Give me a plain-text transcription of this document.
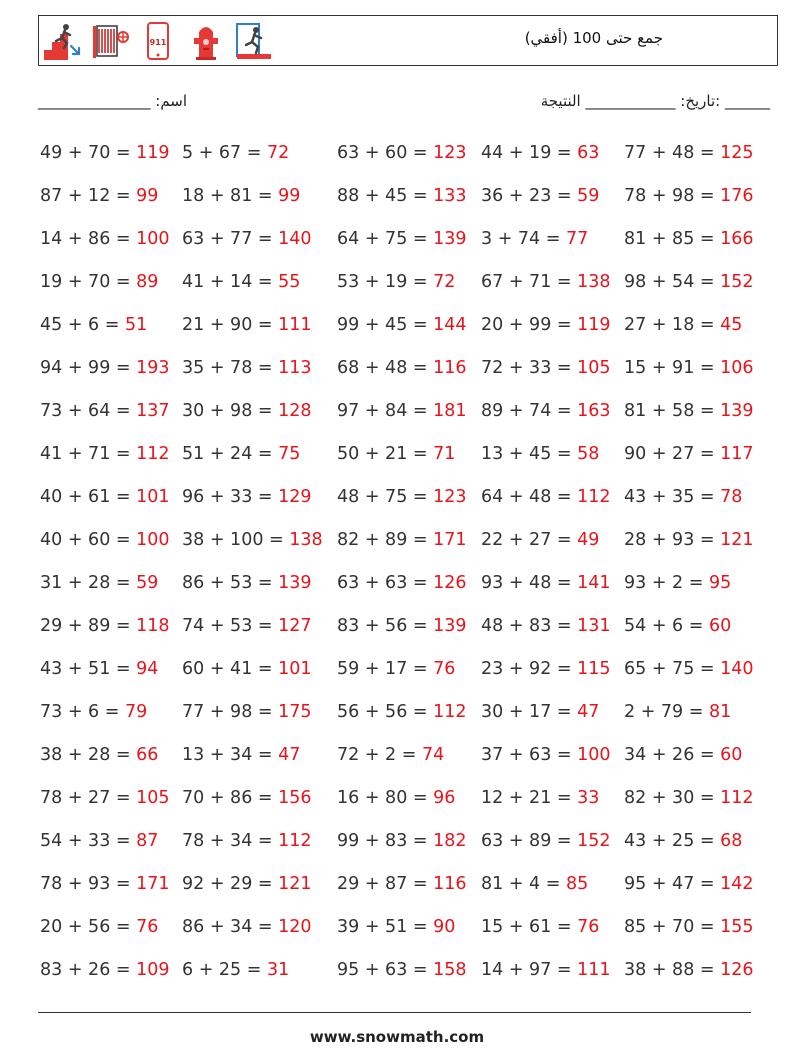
911	جمع حتى 100 (أفقي)
_______________ :اسم	______ :تاريخ: ____________ النتيجة
49 + 70 = 119 5 + 67 = 72	63 + 60 = 123 44 + 19 = 63	77 + 48 = 125
87 + 12 = 99	18 + 81 = 99	88 + 45 = 133 36 + 23 = 59	78 + 98 = 176
14 + 86 = 100 63 + 77 = 140	64 + 75 = 139 3 + 74 = 77	81 + 85 = 166
19 + 70 = 89	41 + 14 = 55	53 + 19 = 72	67 + 71 = 138 98 + 54 = 152
45 + 6 = 51	21 + 90 = 111	99 + 45 = 144 20 + 99 = 119 27 + 18 = 45
94 + 99 = 193 35 + 78 = 113	68 + 48 = 116 72 + 33 = 105 15 + 91 = 106
73 + 64 = 137 30 + 98 = 128	97 + 84 = 181 89 + 74 = 163 81 + 58 = 139
41 + 71 = 112 51 + 24 = 75	50 + 21 = 71	13 + 45 = 58	90 + 27 = 117
40 + 61 = 101 96 + 33 = 129	48 + 75 = 123 64 + 48 = 112 43 + 35 = 78
40 + 60 = 100 38 + 100 = 138 82 + 89 = 171 22 + 27 = 49	28 + 93 = 121
31 + 28 = 59	86 + 53 = 139	63 + 63 = 126 93 + 48 = 141 93 + 2 = 95
29 + 89 = 118 74 + 53 = 127	83 + 56 = 139 48 + 83 = 131 54 + 6 = 60
43 + 51 = 94	60 + 41 = 101	59 + 17 = 76	23 + 92 = 115 65 + 75 = 140
73 + 6 = 79	77 + 98 = 175	56 + 56 = 112 30 + 17 = 47	2 + 79 = 81
38 + 28 = 66	13 + 34 = 47	72 + 2 = 74	37 + 63 = 100 34 + 26 = 60
78 + 27 = 105 70 + 86 = 156	16 + 80 = 96	12 + 21 = 33	82 + 30 = 112
54 + 33 = 87	78 + 34 = 112	99 + 83 = 182 63 + 89 = 152 43 + 25 = 68
78 + 93 = 171 92 + 29 = 121	29 + 87 = 116 81 + 4 = 85	95 + 47 = 142
20 + 56 = 76	86 + 34 = 120	39 + 51 = 90	15 + 61 = 76	85 + 70 = 155
83 + 26 = 109 6 + 25 = 31	95 + 63 = 158 14 + 97 = 111 38 + 88 = 126
www.snowmath.com
